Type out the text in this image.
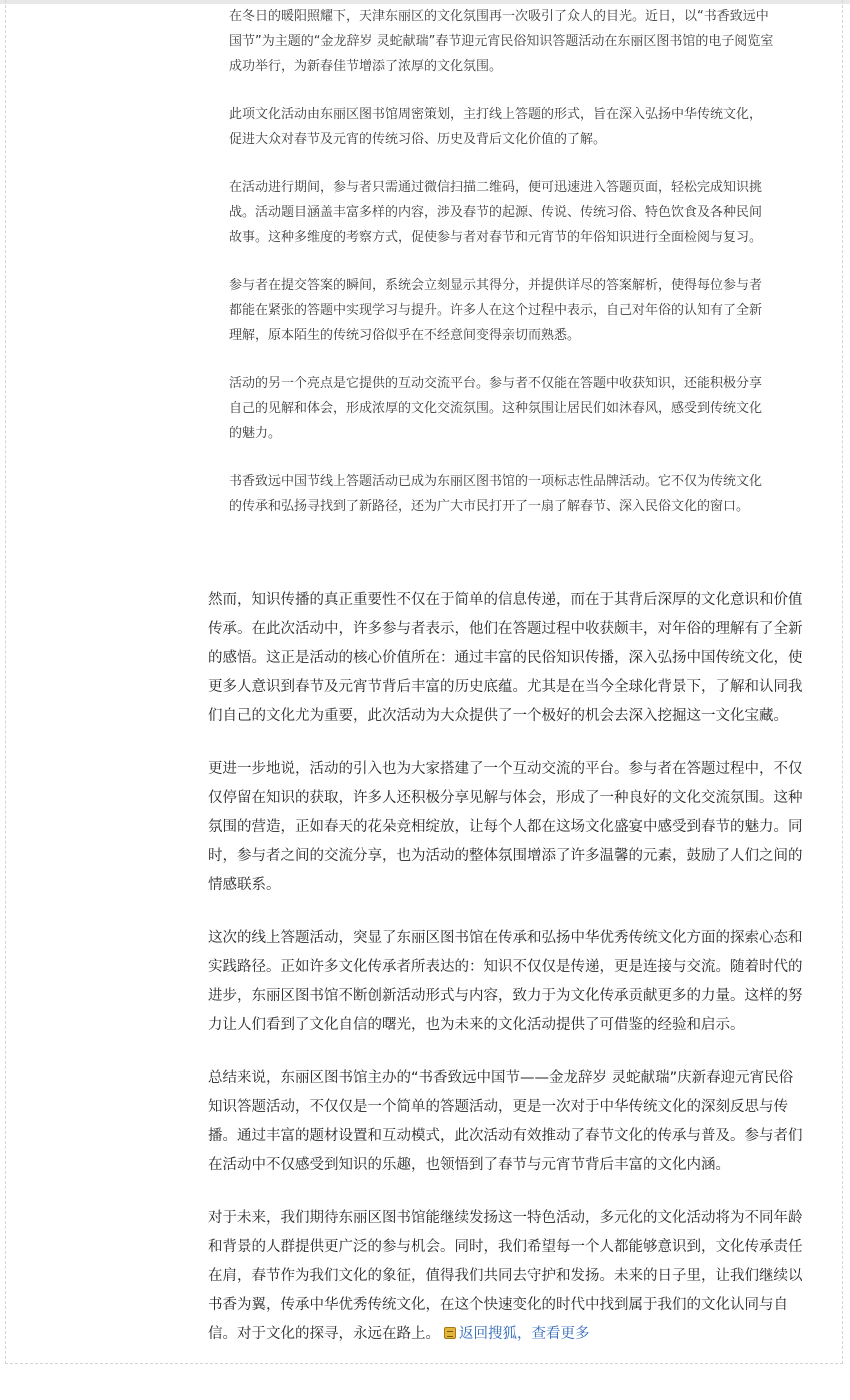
在冬日的暖阳照耀下，天津东丽区的文化氛围再一次吸引了众人的目光。近日，以“书香致远中国节”为主题的“金龙辞岁 灵蛇献瑞”春节迎元宵民俗知识答题活动在东丽区图书馆的电子阅览室成功举行，为新春佳节增添了浓厚的文化氛围。

此项文化活动由东丽区图书馆周密策划，主打线上答题的形式，旨在深入弘扬中华传统文化，促进大众对春节及元宵的传统习俗、历史及背后文化价值的了解。

在活动进行期间，参与者只需通过微信扫描二维码，便可迅速进入答题页面，轻松完成知识挑战。活动题目涵盖丰富多样的内容，涉及春节的起源、传说、传统习俗、特色饮食及各种民间故事。这种多维度的考察方式，促使参与者对春节和元宵节的年俗知识进行全面检阅与复习。

参与者在提交答案的瞬间，系统会立刻显示其得分，并提供详尽的答案解析，使得每位参与者都能在紧张的答题中实现学习与提升。许多人在这个过程中表示，自己对年俗的认知有了全新理解，原本陌生的传统习俗似乎在不经意间变得亲切而熟悉。

活动的另一个亮点是它提供的互动交流平台。参与者不仅能在答题中收获知识，还能积极分享自己的见解和体会，形成浓厚的文化交流氛围。这种氛围让居民们如沐春风，感受到传统文化的魅力。

书香致远中国节线上答题活动已成为东丽区图书馆的一项标志性品牌活动。它不仅为传统文化的传承和弘扬寻找到了新路径，还为广大市民打开了一扇了解春节、深入民俗文化的窗口。

然而，知识传播的真正重要性不仅在于简单的信息传递，而在于其背后深厚的文化意识和价值传承。在此次活动中，许多参与者表示，他们在答题过程中收获颇丰，对年俗的理解有了全新的感悟。这正是活动的核心价值所在：通过丰富的民俗知识传播，深入弘扬中国传统文化，使更多人意识到春节及元宵节背后丰富的历史底蕴。尤其是在当今全球化背景下，了解和认同我们自己的文化尤为重要，此次活动为大众提供了一个极好的机会去深入挖掘这一文化宝藏。

更进一步地说，活动的引入也为大家搭建了一个互动交流的平台。参与者在答题过程中，不仅仅停留在知识的获取，许多人还积极分享见解与体会，形成了一种良好的文化交流氛围。这种氛围的营造，正如春天的花朵竞相绽放，让每个人都在这场文化盛宴中感受到春节的魅力。同时，参与者之间的交流分享，也为活动的整体氛围增添了许多温馨的元素，鼓励了人们之间的情感联系。

这次的线上答题活动，突显了东丽区图书馆在传承和弘扬中华优秀传统文化方面的探索心态和实践路径。正如许多文化传承者所表达的：知识不仅仅是传递，更是连接与交流。随着时代的进步，东丽区图书馆不断创新活动形式与内容，致力于为文化传承贡献更多的力量。这样的努力让人们看到了文化自信的曙光，也为未来的文化活动提供了可借鉴的经验和启示。

总结来说，东丽区图书馆主办的“书香致远中国节——金龙辞岁 灵蛇献瑞”庆新春迎元宵民俗知识答题活动，不仅仅是一个简单的答题活动，更是一次对于中华传统文化的深刻反思与传播。通过丰富的题材设置和互动模式，此次活动有效推动了春节文化的传承与普及。参与者们在活动中不仅感受到知识的乐趣，也领悟到了春节与元宵节背后丰富的文化内涵。

对于未来，我们期待东丽区图书馆能继续发扬这一特色活动，多元化的文化活动将为不同年龄和背景的人群提供更广泛的参与机会。同时，我们希望每一个人都能够意识到，文化传承责任在肩，春节作为我们文化的象征，值得我们共同去守护和发扬。未来的日子里，让我们继续以书香为翼，传承中华优秀传统文化，在这个快速变化的时代中找到属于我们的文化认同与自信。对于文化的探寻，永远在路上。 返回搜狐，查看更多
